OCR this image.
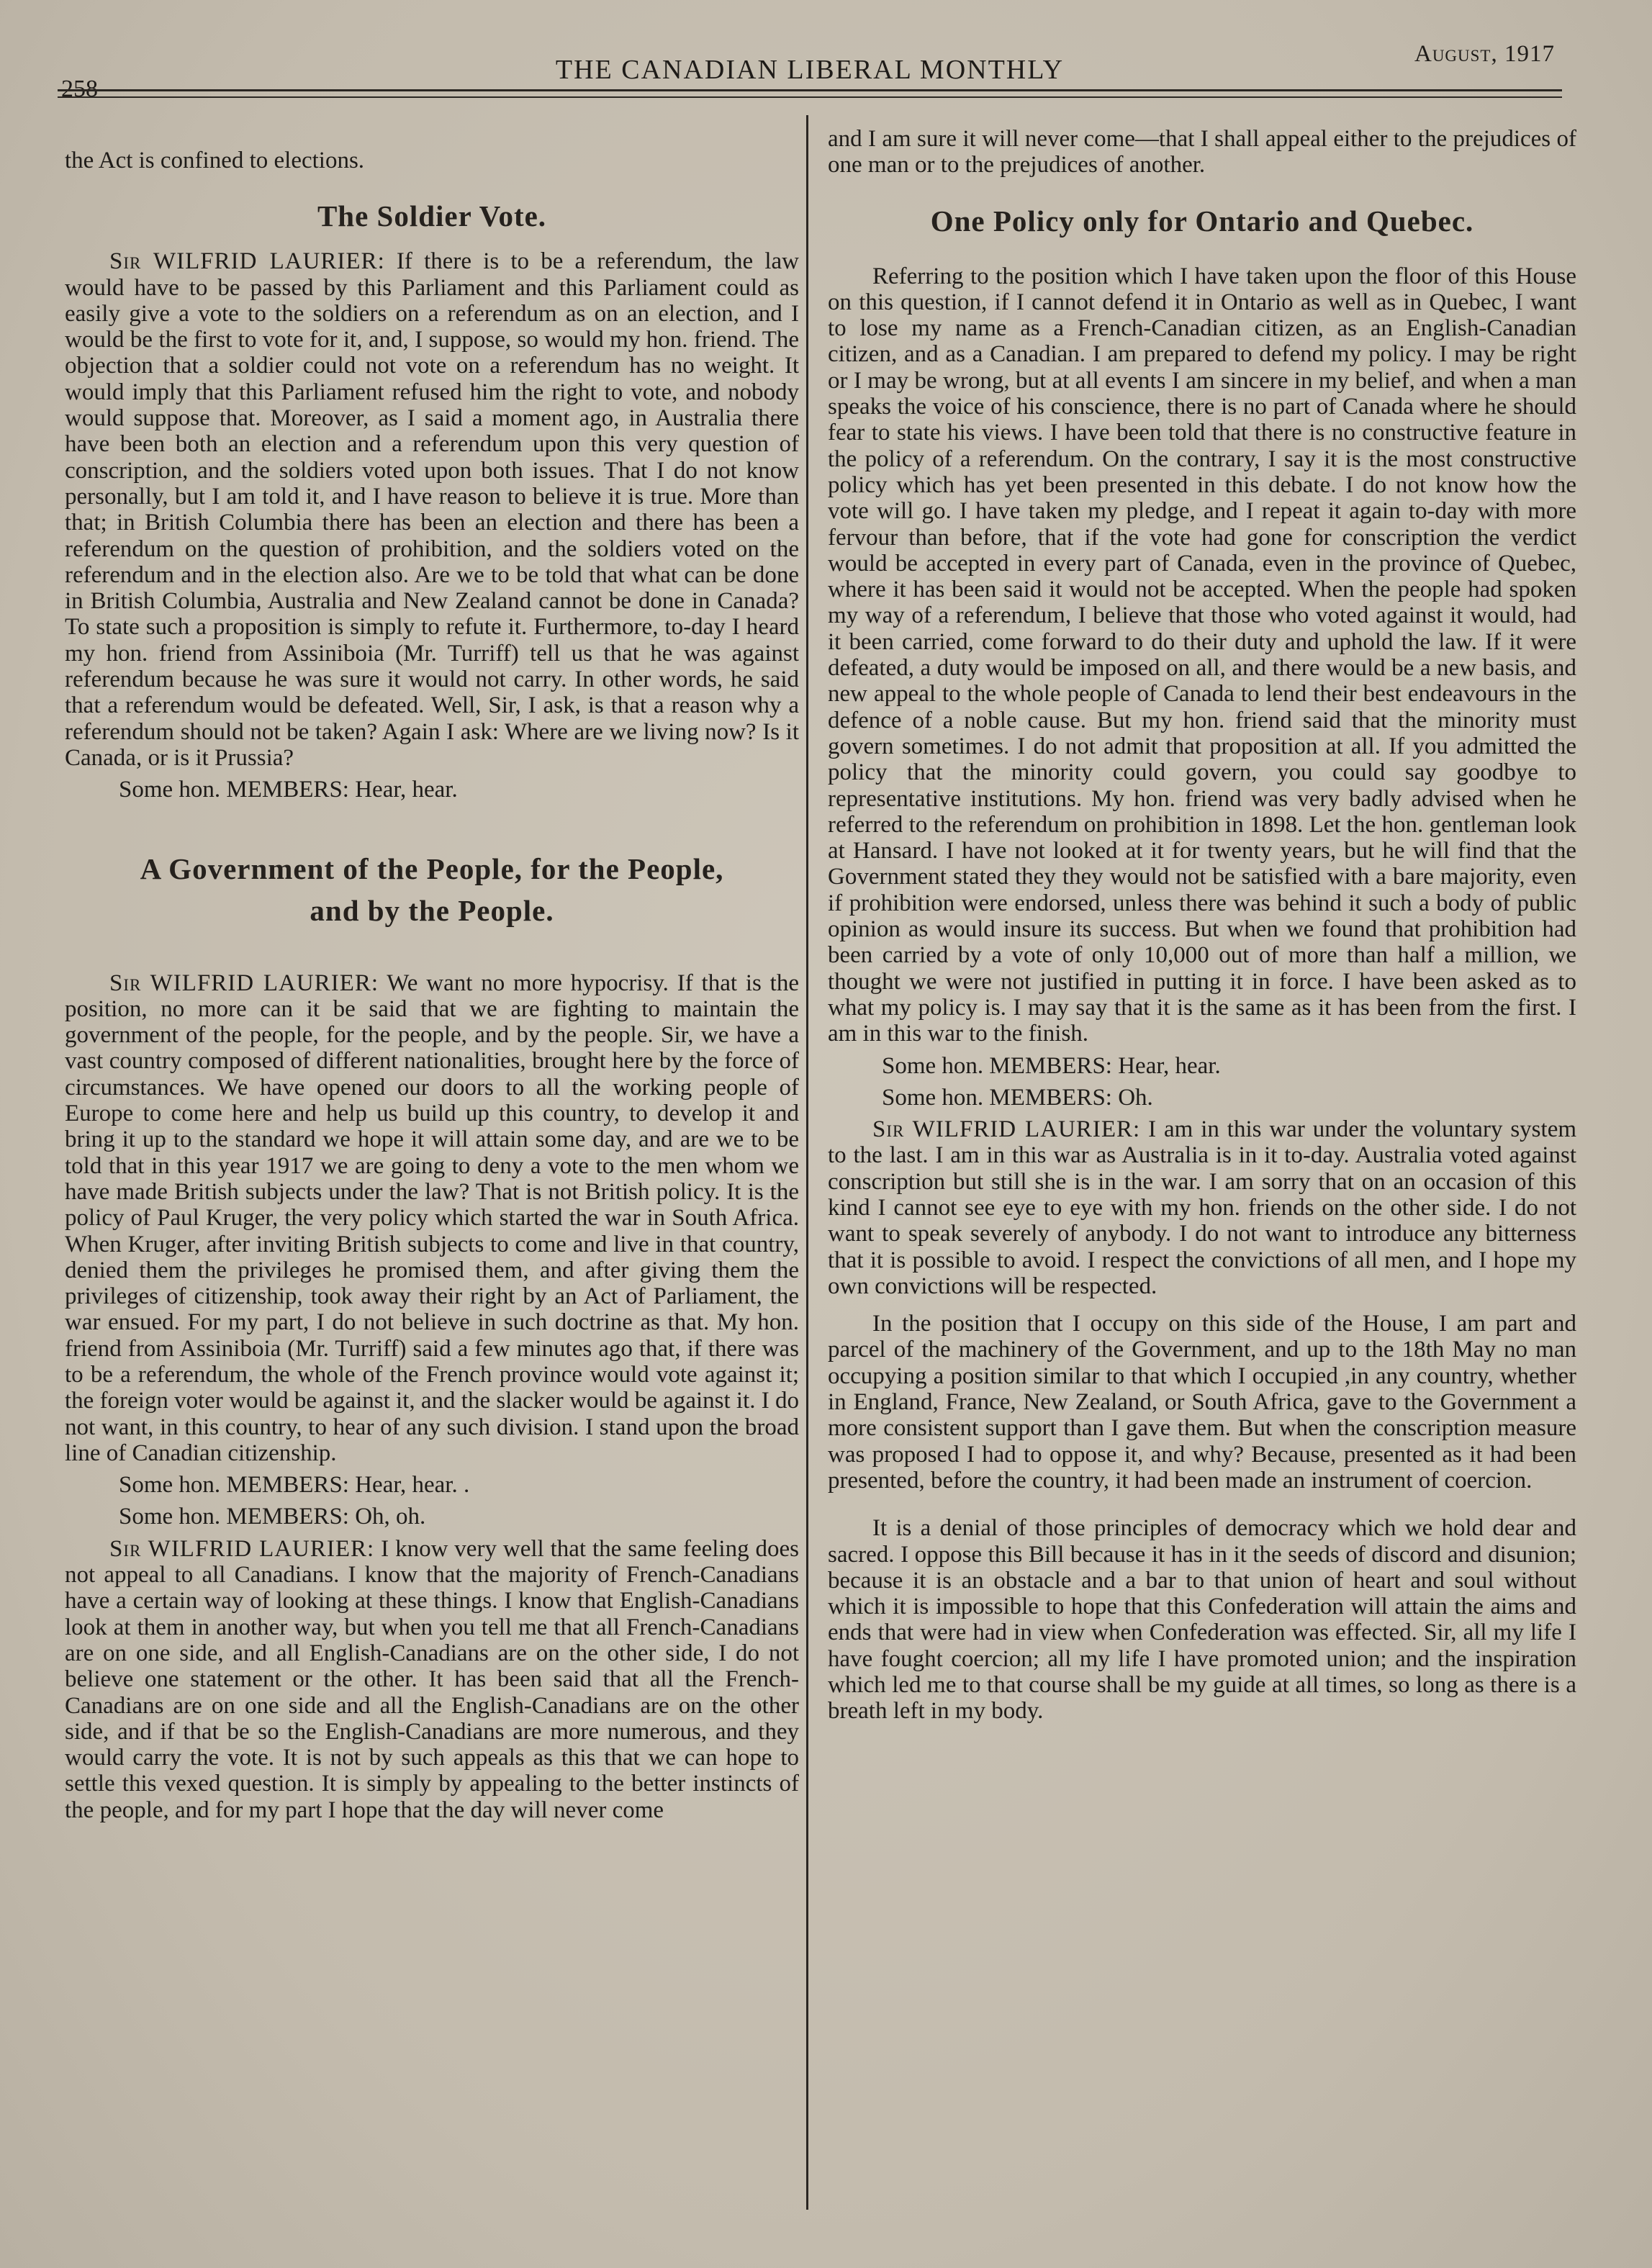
258
THE CANADIAN LIBERAL MONTHLY
August, 1917

the Act is confined to elections.

The Soldier Vote.

Sir WILFRID LAURIER: If there is to be a referendum, the law would have to be passed by this Parliament and this Parliament could as easily give a vote to the soldiers on a referendum as on an election, and I would be the first to vote for it, and, I suppose, so would my hon. friend. The objection that a soldier could not vote on a referendum has no weight. It would imply that this Parliament refused him the right to vote, and nobody would suppose that. Moreover, as I said a moment ago, in Australia there have been both an election and a referendum upon this very question of conscription, and the soldiers voted upon both issues. That I do not know personally, but I am told it, and I have reason to believe it is true. More than that; in British Columbia there has been an election and there has been a referendum on the question of prohibition, and the soldiers voted on the referendum and in the election also. Are we to be told that what can be done in British Columbia, Australia and New Zealand cannot be done in Canada? To state such a proposition is simply to refute it. Furthermore, to-day I heard my hon. friend from Assiniboia (Mr. Turriff) tell us that he was against referendum because he was sure it would not carry. In other words, he said that a referendum would be defeated. Well, Sir, I ask, is that a reason why a referendum should not be taken? Again I ask: Where are we living now? Is it Canada, or is it Prussia?

Some hon. MEMBERS: Hear, hear.

A Government of the People, for the People,
and by the People.

Sir WILFRID LAURIER: We want no more hypocrisy. If that is the position, no more can it be said that we are fighting to maintain the government of the people, for the people, and by the people. Sir, we have a vast country composed of different nationalities, brought here by the force of circumstances. We have opened our doors to all the working people of Europe to come here and help us build up this country, to develop it and bring it up to the standard we hope it will attain some day, and are we to be told that in this year 1917 we are going to deny a vote to the men whom we have made British subjects under the law? That is not British policy. It is the policy of Paul Kruger, the very policy which started the war in South Africa. When Kruger, after inviting British subjects to come and live in that country, denied them the privileges he promised them, and after giving them the privileges of citizenship, took away their right by an Act of Parliament, the war ensued. For my part, I do not believe in such doctrine as that. My hon. friend from Assiniboia (Mr. Turriff) said a few minutes ago that, if there was to be a referendum, the whole of the French province would vote against it; the foreign voter would be against it, and the slacker would be against it. I do not want, in this country, to hear of any such division. I stand upon the broad line of Canadian citizenship.

Some hon. MEMBERS: Hear, hear. .

Some hon. MEMBERS: Oh, oh.

Sir WILFRID LAURIER: I know very well that the same feeling does not appeal to all Canadians. I know that the majority of French-Canadians have a certain way of looking at these things. I know that English-Canadians look at them in another way, but when you tell me that all French-Canadians are on one side, and all English-Canadians are on the other side, I do not believe one statement or the other. It has been said that all the French-Canadians are on one side and all the English-Canadians are on the other side, and if that be so the English-Canadians are more numerous, and they would carry the vote. It is not by such appeals as this that we can hope to settle this vexed question. It is simply by appealing to the better instincts of the people, and for my part I hope that the day will never come

and I am sure it will never come—that I shall appeal either to the prejudices of one man or to the prejudices of another.

One Policy only for Ontario and Quebec.

Referring to the position which I have taken upon the floor of this House on this question, if I cannot defend it in Ontario as well as in Quebec, I want to lose my name as a French-Canadian citizen, as an English-Canadian citizen, and as a Canadian. I am prepared to defend my policy. I may be right or I may be wrong, but at all events I am sincere in my belief, and when a man speaks the voice of his conscience, there is no part of Canada where he should fear to state his views. I have been told that there is no constructive feature in the policy of a referendum. On the contrary, I say it is the most constructive policy which has yet been presented in this debate. I do not know how the vote will go. I have taken my pledge, and I repeat it again to-day with more fervour than before, that if the vote had gone for conscription the verdict would be accepted in every part of Canada, even in the province of Quebec, where it has been said it would not be accepted. When the people had spoken my way of a referendum, I believe that those who voted against it would, had it been carried, come forward to do their duty and uphold the law. If it were defeated, a duty would be imposed on all, and there would be a new basis, and new appeal to the whole people of Canada to lend their best endeavours in the defence of a noble cause. But my hon. friend said that the minority must govern sometimes. I do not admit that proposition at all. If you admitted the policy that the minority could govern, you could say goodbye to representative institutions. My hon. friend was very badly advised when he referred to the referendum on prohibition in 1898. Let the hon. gentleman look at Hansard. I have not looked at it for twenty years, but he will find that the Government stated they they would not be satisfied with a bare majority, even if prohibition were endorsed, unless there was behind it such a body of public opinion as would insure its success. But when we found that prohibition had been carried by a vote of only 10,000 out of more than half a million, we thought we were not justified in putting it in force. I have been asked as to what my policy is. I may say that it is the same as it has been from the first. I am in this war to the finish.

Some hon. MEMBERS: Hear, hear.

Some hon. MEMBERS: Oh.

Sir WILFRID LAURIER: I am in this war under the voluntary system to the last. I am in this war as Australia is in it to-day. Australia voted against conscription but still she is in the war. I am sorry that on an occasion of this kind I cannot see eye to eye with my hon. friends on the other side. I do not want to speak severely of anybody. I do not want to introduce any bitterness that it is possible to avoid. I respect the convictions of all men, and I hope my own convictions will be respected.

In the position that I occupy on this side of the House, I am part and parcel of the machinery of the Government, and up to the 18th May no man occupying a position similar to that which I occupied ,in any country, whether in England, France, New Zealand, or South Africa, gave to the Government a more consistent support than I gave them. But when the conscription measure was proposed I had to oppose it, and why? Because, presented as it had been presented, before the country, it had been made an instrument of coercion.

It is a denial of those principles of democracy which we hold dear and sacred. I oppose this Bill because it has in it the seeds of discord and disunion; because it is an obstacle and a bar to that union of heart and soul without which it is impossible to hope that this Confederation will attain the aims and ends that were had in view when Confederation was effected. Sir, all my life I have fought coercion; all my life I have promoted union; and the inspiration which led me to that course shall be my guide at all times, so long as there is a breath left in my body.
